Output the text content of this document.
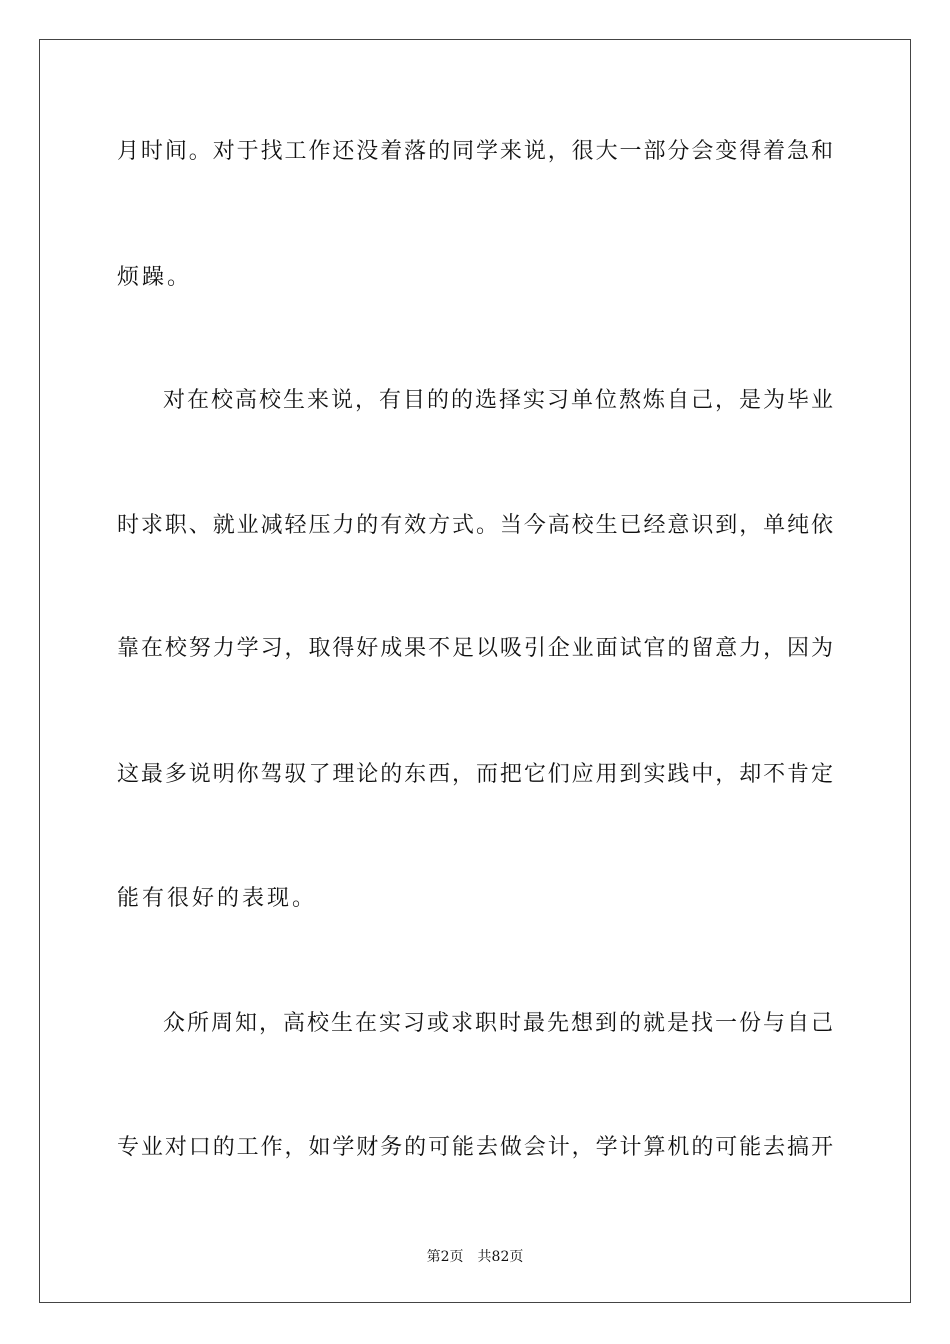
月时间。对于找工作还没着落的同学来说，很大一部分会变得着急和
烦躁。
对在校高校生来说，有目的的选择实习单位熬炼自己，是为毕业
时求职、就业减轻压力的有效方式。当今高校生已经意识到，单纯依
靠在校努力学习，取得好成果不足以吸引企业面试官的留意力，因为
这最多说明你驾驭了理论的东西，而把它们应用到实践中，却不肯定
能有很好的表现。
众所周知，高校生在实习或求职时最先想到的就是找一份与自己
专业对口的工作，如学财务的可能去做会计，学计算机的可能去搞开
第2页 共82页
